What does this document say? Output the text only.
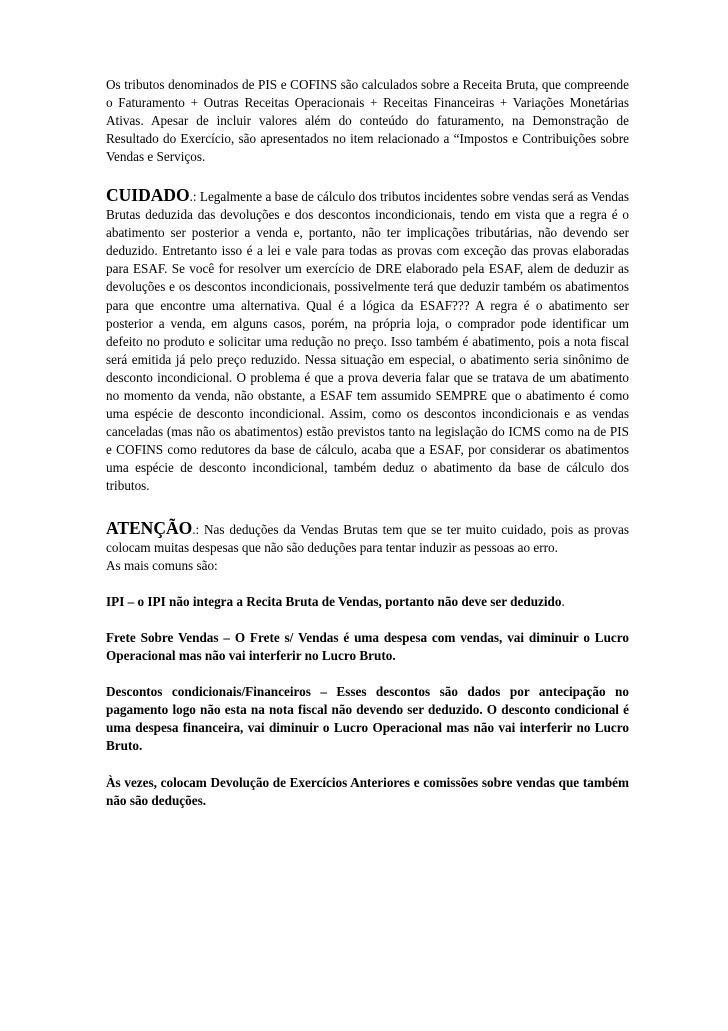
Os tributos denominados de PIS e COFINS são calculados sobre a Receita Bruta, que compreende o Faturamento + Outras Receitas Operacionais + Receitas Financeiras + Variações Monetárias Ativas. Apesar de incluir valores além do conteúdo do faturamento, na Demonstração de Resultado do Exercício, são apresentados no item relacionado a “Impostos e Contribuições sobre Vendas e Serviços.

CUIDADO.: Legalmente a base de cálculo dos tributos incidentes sobre vendas será as Vendas Brutas deduzida das devoluções e dos descontos incondicionais, tendo em vista que a regra é o abatimento ser posterior a venda e, portanto, não ter implicações tributárias, não devendo ser deduzido. Entretanto isso é a lei e vale para todas as provas com exceção das provas elaboradas para ESAF. Se você for resolver um exercício de DRE elaborado pela ESAF, alem de deduzir as devoluções e os descontos incondicionais, possivelmente terá que deduzir também os abatimentos para que encontre uma alternativa. Qual é a lógica da ESAF??? A regra é o abatimento ser posterior a venda, em alguns casos, porém, na própria loja, o comprador pode identificar um defeito no produto e solicitar uma redução no preço. Isso também é abatimento, pois a nota fiscal será emitida já pelo preço reduzido. Nessa situação em especial, o abatimento seria sinônimo de desconto incondicional. O problema é que a prova deveria falar que se tratava de um abatimento no momento da venda, não obstante, a ESAF tem assumido SEMPRE que o abatimento é como uma espécie de desconto incondicional. Assim, como os descontos incondicionais e as vendas canceladas (mas não os abatimentos) estão previstos tanto na legislação do ICMS como na de PIS e COFINS como redutores da base de cálculo, acaba que a ESAF, por considerar os abatimentos uma espécie de desconto incondicional, também deduz o abatimento da base de cálculo dos tributos.

ATENÇÃO.: Nas deduções da Vendas Brutas tem que se ter muito cuidado, pois as provas colocam muitas despesas que não são deduções para tentar induzir as pessoas ao erro.

As mais comuns são:

IPI – o IPI não integra a Recita Bruta de Vendas, portanto não deve ser deduzido.

Frete Sobre Vendas – O Frete s/ Vendas é uma despesa com vendas, vai diminuir o Lucro Operacional mas não vai interferir no Lucro Bruto.

Descontos condicionais/Financeiros – Esses descontos são dados por antecipação no pagamento logo não esta na nota fiscal não devendo ser deduzido. O desconto condicional é uma despesa financeira, vai diminuir o Lucro Operacional mas não vai interferir no Lucro Bruto.

Às vezes, colocam Devolução de Exercícios Anteriores e comissões sobre vendas que também não são deduções.
